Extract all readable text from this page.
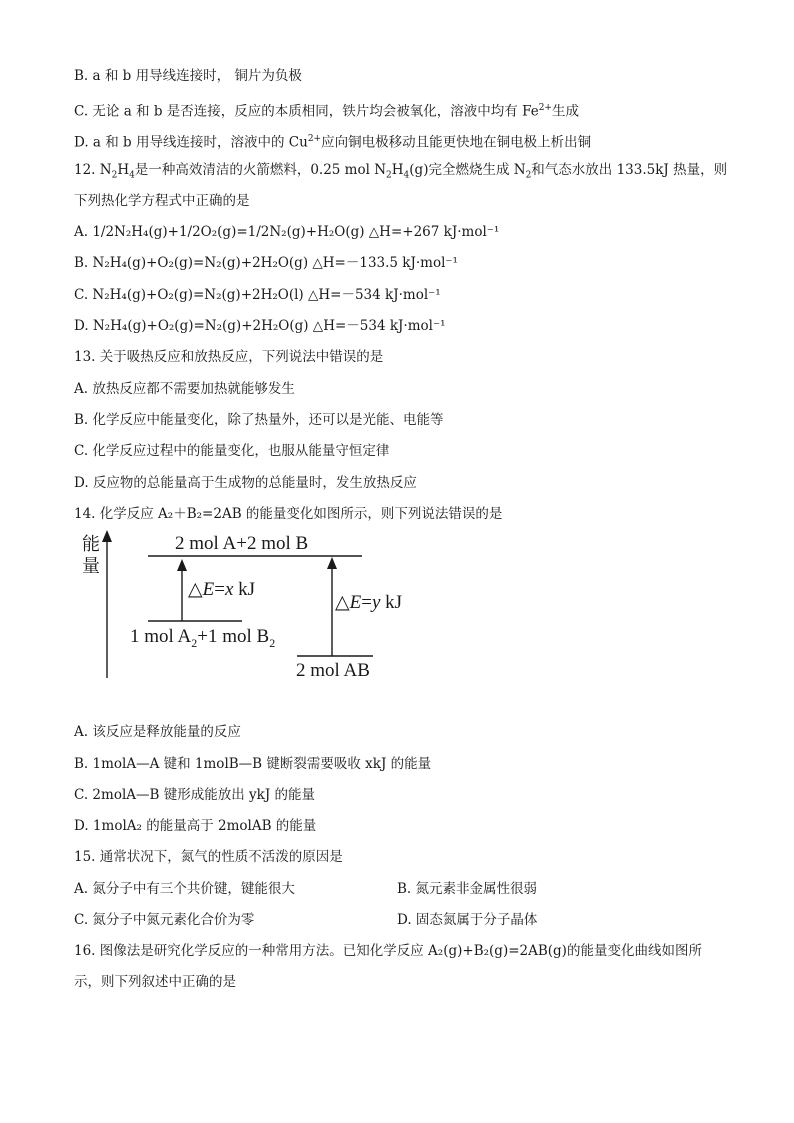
B. a 和 b 用导线连接时， 铜片为负极
C. 无论 a 和 b 是否连接，反应的本质相同，铁片均会被氧化，溶液中均有 $Fe^{2+}$生成
D. a 和 b 用导线连接时，溶液中的 $Cu^{2+}$应向铜电极移动且能更快地在铜电极上析出铜
12. $N_2H_4$是一种高效清洁的火箭燃料，0.25 mol $N_2H_4(g)$完全燃烧生成 $N_2$和气态水放出 133.5kJ 热量，则
下列热化学方程式中正确的是
A. 1/2N₂H₄(g)+1/2O₂(g)=1/2N₂(g)+H₂O(g) △H=+267 kJ·mol⁻¹
B. N₂H₄(g)+O₂(g)=N₂(g)+2H₂O(g) △H=－133.5 kJ·mol⁻¹
C. N₂H₄(g)+O₂(g)=N₂(g)+2H₂O(l) △H=－534 kJ·mol⁻¹
D. N₂H₄(g)+O₂(g)=N₂(g)+2H₂O(g) △H=－534 kJ·mol⁻¹
13. 关于吸热反应和放热反应，下列说法中错误的是
A. 放热反应都不需要加热就能够发生
B. 化学反应中能量变化，除了热量外，还可以是光能、电能等
C. 化学反应过程中的能量变化，也服从能量守恒定律
D. 反应物的总能量高于生成物的总能量时，发生放热反应
14. 化学反应 A₂＋B₂=2AB 的能量变化如图所示，则下列说法错误的是
能
量
2 mol A+2 mol B
1 mol $A_2+1$ mol $B_2$
2 mol AB
△E=x kJ
△E=y kJ
A. 该反应是释放能量的反应
B. 1molA—A 键和 1molB—B 键断裂需要吸收 xkJ 的能量
C. 2molA—B 键形成能放出 ykJ 的能量
D. 1molA₂ 的能量高于 2molAB 的能量
15. 通常状况下，氮气的性质不活泼的原因是
A. 氮分子中有三个共价键，键能很大	B. 氮元素非金属性很弱
C. 氮分子中氮元素化合价为零	D. 固态氮属于分子晶体
16. 图像法是研究化学反应的一种常用方法。已知化学反应 A₂(g)+B₂(g)=2AB(g)的能量变化曲线如图所
示，则下列叙述中正确的是
